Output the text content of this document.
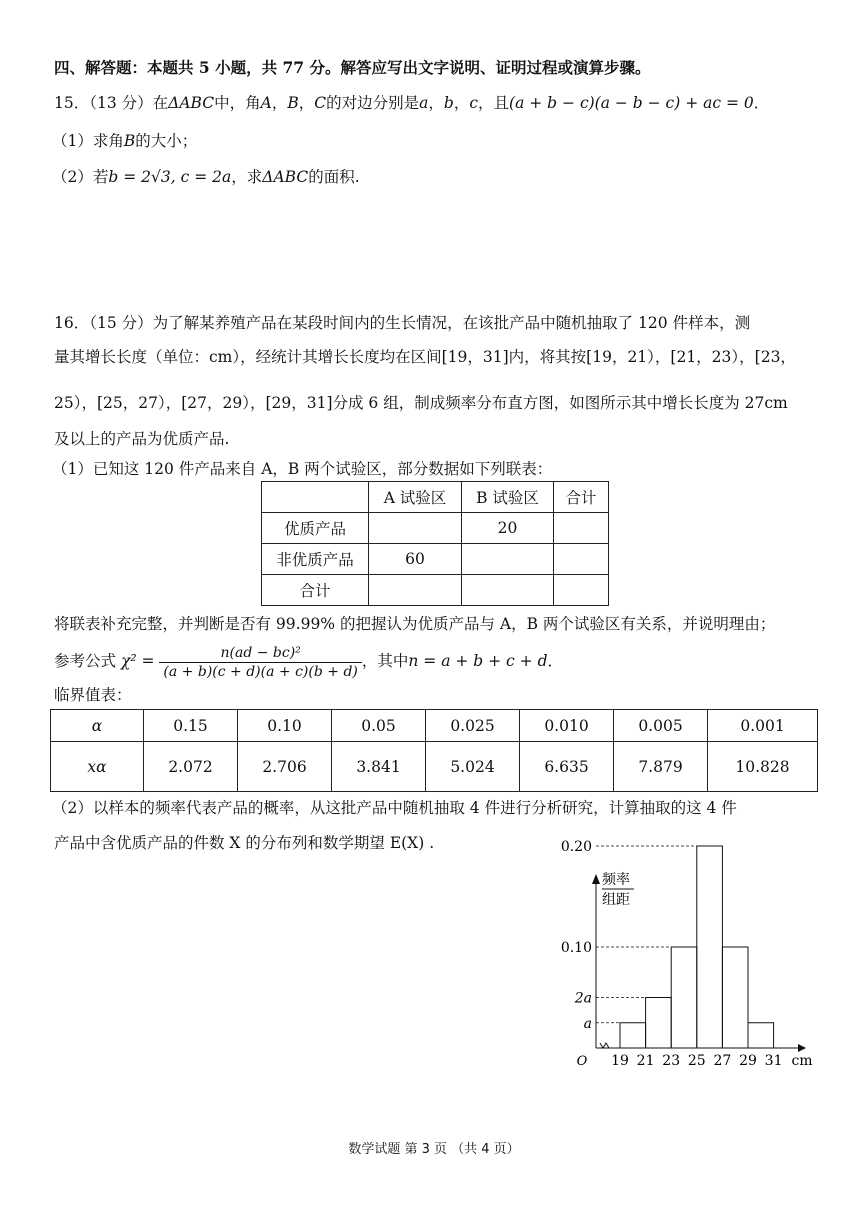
四、解答题：本题共 5 小题，共 77 分。解答应写出文字说明、证明过程或演算步骤。
15．（13 分）在ΔABC中，角A，B，C的对边分别是a，b，c，且(a + b − c)(a − b − c) + ac = 0．
（1）求角B的大小；
（2）若b = 2√3, c = 2a，求ΔABC的面积.
16．（15 分）为了解某养殖产品在某段时间内的生长情况，在该批产品中随机抽取了 120 件样本，测
量其增长长度（单位：cm），经统计其增长长度均在区间[19，31]内，将其按[19，21），[21，23），[23，
25），[25，27），[27，29），[29，31]分成 6 组，制成频率分布直方图，如图所示其中增长长度为 27cm
及以上的产品为优质产品.
（1）已知这 120 件产品来自 A，B 两个试验区，部分数据如下列联表：
	A 试验区	B 试验区	合计
优质产品		20	
非优质产品	60		
合计			
将联表补充完整，并判断是否有 99.99% 的把握认为优质产品与 A，B 两个试验区有关系，并说明理由；
参考公式 $\chi^2 = \frac{\text{n(ad − bc)²}}{(a + b)(c + d)(a + c)(b + d)}$ ，其中n = a + b + c + d．
临界值表：
α	0.15	0.10	0.05	0.025	0.010	0.005	0.001
xα	2.072	2.706	3.841	5.024	6.635	7.879	10.828
（2）以样本的频率代表产品的概率，从这批产品中随机抽取 4 件进行分析研究，计算抽取的这 4 件
产品中含优质产品的件数 X 的分布列和数学期望 E(X) .
频率
组距
0.20
0.10
2a
a
19 21 23 25 27 29 31
O	cm
数学试题 第 3 页 （共 4 页）
